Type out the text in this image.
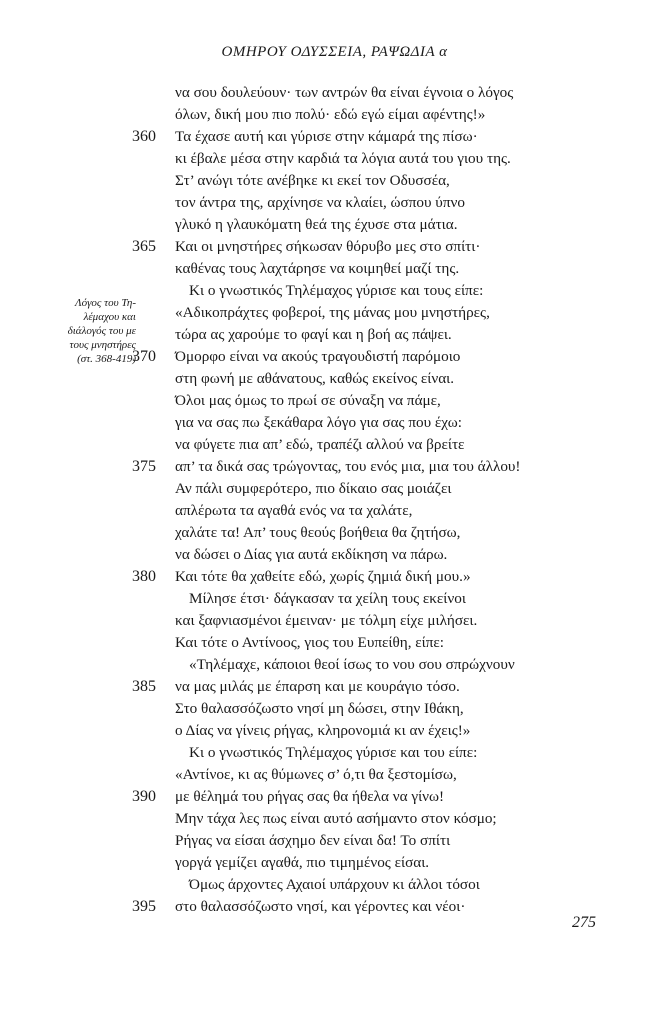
ΟΜΗΡΟΥ ΟΔΥΣΣΕΙΑ, ΡΑΨΩΔΙΑ α
Λόγος του Τη-
λέμαχου και
διάλογός του με
τους μνηστήρες
(στ. 368-419)
να σου δουλεύουν· των αντρών θα είναι έγνοια ο λόγος
όλων, δική μου πιο πολύ· εδώ εγώ είμαι αφέντης!»
360 Τα έχασε αυτή και γύρισε στην κάμαρά της πίσω·
κι έβαλε μέσα στην καρδιά τα λόγια αυτά του γιου της.
Στ’ ανώγι τότε ανέβηκε κι εκεί τον Οδυσσέα,
τον άντρα της, αρχίνησε να κλαίει, ώσπου ύπνο
γλυκό η γλαυκόματη θεά της έχυσε στα μάτια.
365 Και οι μνηστήρες σήκωσαν θόρυβο μες στο σπίτι·
καθένας τους λαχτάρησε να κοιμηθεί μαζί της.
Κι ο γνωστικός Τηλέμαχος γύρισε και τους είπε:
«Αδικοπράχτες φοβεροί, της μάνας μου μνηστήρες,
τώρα ας χαρούμε το φαγί και η βοή ας πάψει.
370 Όμορφο είναι να ακούς τραγουδιστή παρόμοιο
στη φωνή με αθάνατους, καθώς εκείνος είναι.
Όλοι μας όμως το πρωί σε σύναξη να πάμε,
για να σας πω ξεκάθαρα λόγο για σας που έχω:
να φύγετε πια απ’ εδώ, τραπέζι αλλού να βρείτε
375 απ’ τα δικά σας τρώγοντας, του ενός μια, μια του άλλου!
Αν πάλι συμφερότερο, πιο δίκαιο σας μοιάζει
απλέρωτα τα αγαθά ενός να τα χαλάτε,
χαλάτε τα! Απ’ τους θεούς βοήθεια θα ζητήσω,
να δώσει ο Δίας για αυτά εκδίκηση να πάρω.
380 Και τότε θα χαθείτε εδώ, χωρίς ζημιά δική μου.»
Μίλησε έτσι· δάγκασαν τα χείλη τους εκείνοι
και ξαφνιασμένοι έμειναν· με τόλμη είχε μιλήσει.
Και τότε ο Αντίνοος, γιος του Ευπείθη, είπε:
«Τηλέμαχε, κάποιοι θεοί ίσως το νου σου σπρώχνουν
385 να μας μιλάς με έπαρση και με κουράγιο τόσο.
Στο θαλασσόζωστο νησί μη δώσει, στην Ιθάκη,
ο Δίας να γίνεις ρήγας, κληρονομιά κι αν έχεις!»
Κι ο γνωστικός Τηλέμαχος γύρισε και του είπε:
«Αντίνοε, κι ας θύμωνες σ’ ό,τι θα ξεστομίσω,
390 με θέλημά του ρήγας σας θα ήθελα να γίνω!
Μην τάχα λες πως είναι αυτό ασήμαντο στον κόσμο;
Ρήγας να είσαι άσχημο δεν είναι δα! Το σπίτι
γοργά γεμίζει αγαθά, πιο τιμημένος είσαι.
Όμως άρχοντες Αχαιοί υπάρχουν κι άλλοι τόσοι
395 στο θαλασσόζωστο νησί, και γέροντες και νέοι·
275
